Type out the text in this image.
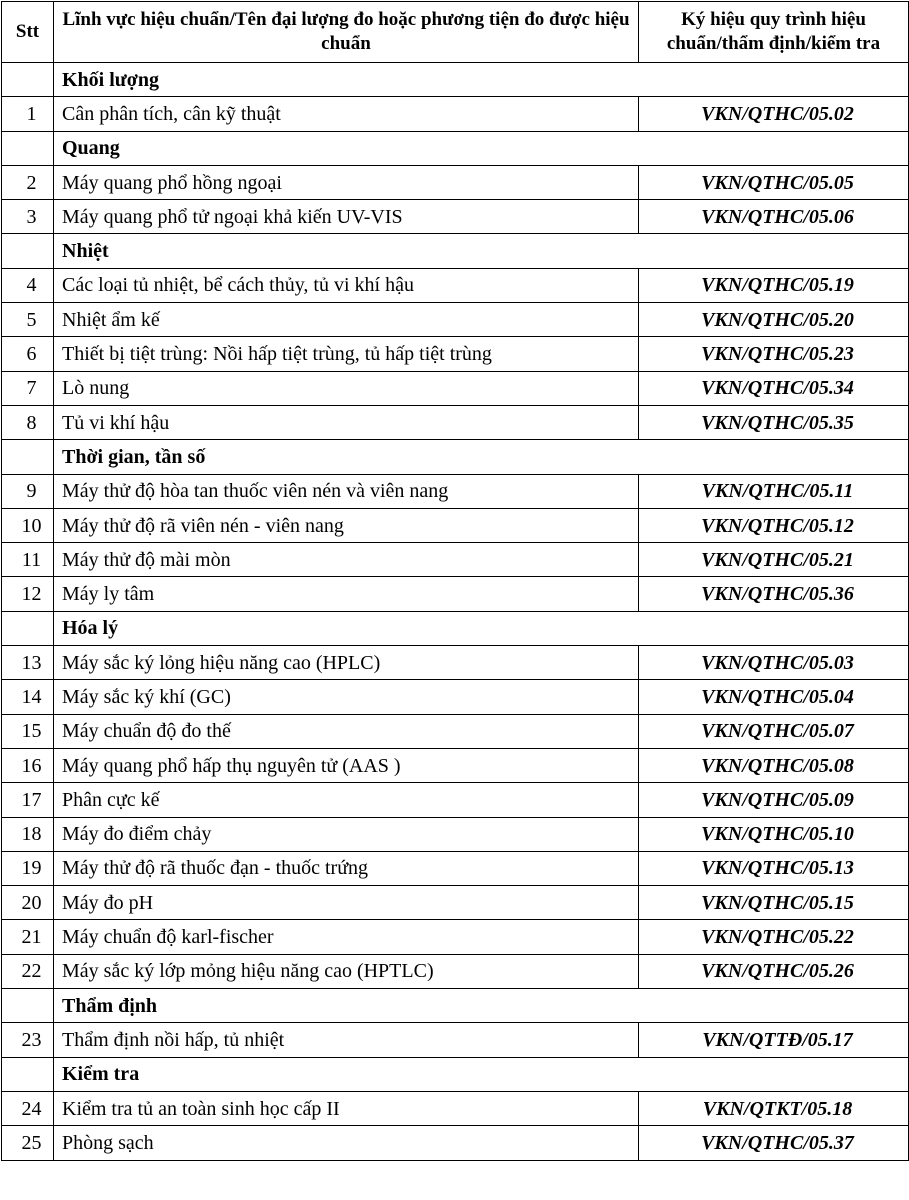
Stt	Lĩnh vực hiệu chuẩn/Tên đại lượng đo hoặc phương tiện đo được hiệu chuẩn	Ký hiệu quy trình hiệu chuẩn/thẩm định/kiểm tra
	Khối lượng	
1	Cân phân tích, cân kỹ thuật	VKN/QTHC/05.02
	Quang	
2	Máy quang phổ hồng ngoại	VKN/QTHC/05.05
3	Máy quang phổ tử ngoại khả kiến UV-VIS	VKN/QTHC/05.06
	Nhiệt	
4	Các loại tủ nhiệt, bể cách thủy, tủ vi khí hậu	VKN/QTHC/05.19
5	Nhiệt ẩm kế	VKN/QTHC/05.20
6	Thiết bị tiệt trùng: Nồi hấp tiệt trùng, tủ hấp tiệt trùng	VKN/QTHC/05.23
7	Lò nung	VKN/QTHC/05.34
8	Tủ vi khí hậu	VKN/QTHC/05.35
	Thời gian, tần số	
9	Máy thử độ hòa tan thuốc viên nén và viên nang	VKN/QTHC/05.11
10	Máy thử độ rã viên nén - viên nang	VKN/QTHC/05.12
11	Máy thử độ mài mòn	VKN/QTHC/05.21
12	Máy ly tâm	VKN/QTHC/05.36
	Hóa lý	
13	Máy sắc ký lỏng hiệu năng cao (HPLC)	VKN/QTHC/05.03
14	Máy sắc ký khí (GC)	VKN/QTHC/05.04
15	Máy chuẩn độ đo thế	VKN/QTHC/05.07
16	Máy quang phổ hấp thụ nguyên tử (AAS )	VKN/QTHC/05.08
17	Phân cực kế	VKN/QTHC/05.09
18	Máy đo điểm chảy	VKN/QTHC/05.10
19	Máy thử độ rã thuốc đạn - thuốc trứng	VKN/QTHC/05.13
20	Máy đo pH	VKN/QTHC/05.15
21	Máy chuẩn độ karl-fischer	VKN/QTHC/05.22
22	Máy sắc ký lớp mỏng hiệu năng cao (HPTLC)	VKN/QTHC/05.26
	Thẩm định	
23	Thẩm định nồi hấp, tủ nhiệt	VKN/QTTĐ/05.17
	Kiểm tra	
24	Kiểm tra tủ an toàn sinh học cấp II	VKN/QTKT/05.18
25	Phòng sạch	VKN/QTHC/05.37
